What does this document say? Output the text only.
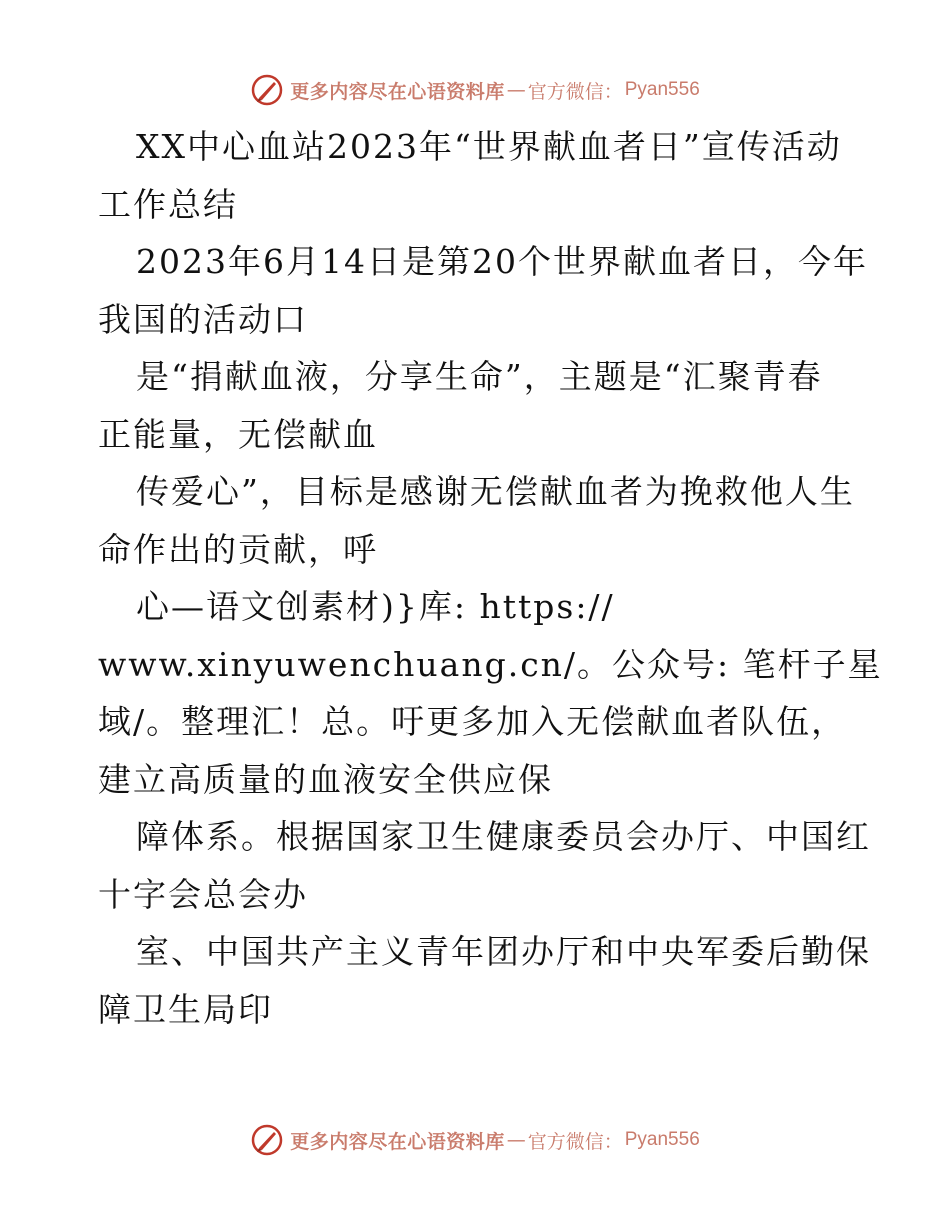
更多内容尽在心语资料库 — 官方微信： Pyan556
XX中心血站2023年“世界献血者日”宣传活动
工作总结
2023年6月14日是第20个世界献血者日，今年
我国的活动口
是“捐献血液，分享生命”，主题是“汇聚青春
正能量，无偿献血
传爱心”，目标是感谢无偿献血者为挽救他人生
命作出的贡献，呼
心—语文创素材)}库: https://
www.xinyuwenchuang.cn/。公众号: 笔杆子星
域/。整理汇！总。吁更多加入无偿献血者队伍，
建立高质量的血液安全供应保
障体系。根据国家卫生健康委员会办厅、中国红
十字会总会办
室、中国共产主义青年团办厅和中央军委后勤保
障卫生局印
更多内容尽在心语资料库 — 官方微信： Pyan556
